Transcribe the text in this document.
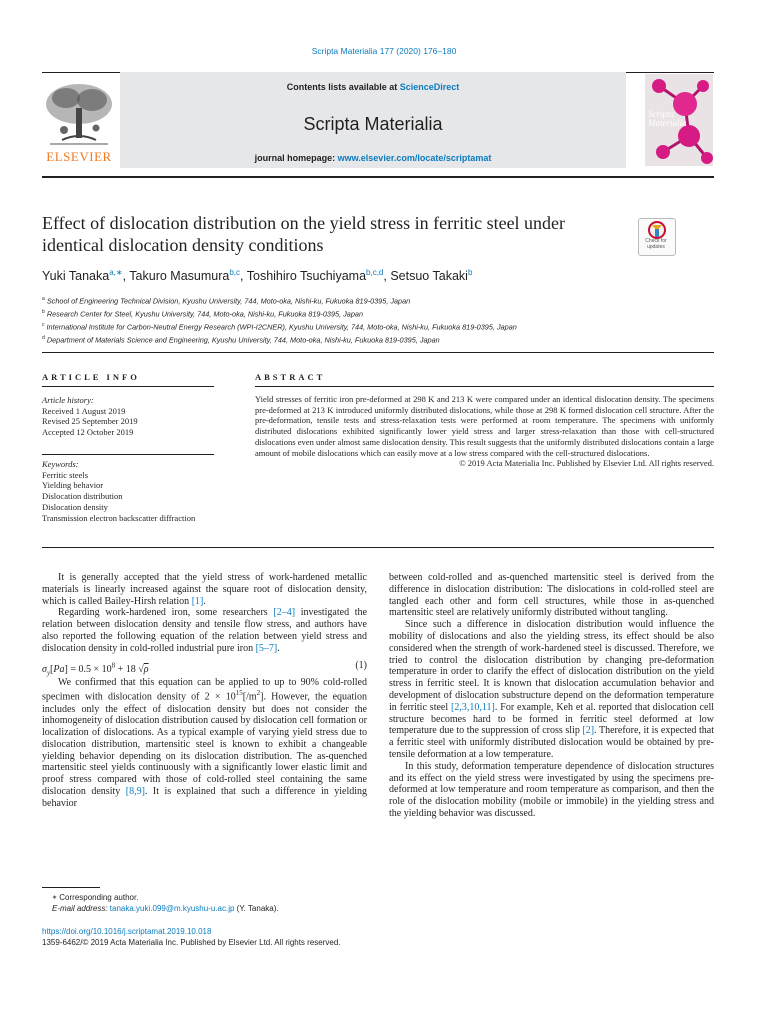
Scripta Materialia 177 (2020) 176–180
ELSEVIER
Contents lists available at ScienceDirect
Scripta Materialia
journal homepage: www.elsevier.com/locate/scriptamat
Scripta
Materialia
Effect of dislocation distribution on the yield stress in ferritic steel under identical dislocation density conditions	Check for updates
Yuki Tanaka$^{a,∗}$, Takuro Masumura$^{b,c}$, Toshihiro Tsuchiyama$^{b,c,d}$, Setsuo Takaki$^b$
$^a$ School of Engineering Technical Division, Kyushu University, 744, Moto-oka, Nishi-ku, Fukuoka 819-0395, Japan
$^b$ Research Center for Steel, Kyushu University, 744, Moto-oka, Nishi-ku, Fukuoka 819-0395, Japan
$^c$ International Institute for Carbon-Neutral Energy Research (WPI-I2CNER), Kyushu University, 744, Moto-oka, Nishi-ku, Fukuoka 819-0395, Japan
$^d$ Department of Materials Science and Engineering, Kyushu University, 744, Moto-oka, Nishi-ku, Fukuoka 819-0395, Japan
ARTICLE INFO
Article history:
Received 1 August 2019
Revised 25 September 2019
Accepted 12 October 2019
Keywords:
Ferritic steels
Yielding behavior
Dislocation distribution
Dislocation density
Transmission electron backscatter diffraction
ABSTRACT
Yield stresses of ferritic iron pre-deformed at 298 K and 213 K were compared under an identical dislocation density. The specimens pre-deformed at 213 K introduced uniformly distributed dislocations, while those at 298 K formed dislocation cell structure. After the pre-deformation, tensile tests and stress-relaxation tests were performed at room temperature. The specimens with uniformly distributed dislocations exhibited significantly lower yield stress and larger stress-relaxation than those with cell-structured dislocations even under almost same dislocation density. This result suggests that the uniformly distributed dislocations contain a large amount of mobile dislocations which can easily move at a low stress compared with the cell-structured dislocations.
© 2019 Acta Materialia Inc. Published by Elsevier Ltd. All rights reserved.

It is generally accepted that the yield stress of work-hardened metallic materials is linearly increased against the square root of dislocation density, which is called Bailey-Hirsh relation [1].

Regarding work-hardened iron, some researchers [2–4] investigated the relation between dislocation density and tensile flow stress, and authors have also reported the following equation of the relation between yield stress and dislocation density in cold-rolled industrial pure iron [5–7].

$\sigma_y[Pa] = 0.5 \times 10^8 + 18$ √ρ	(1)

We confirmed that this equation can be applied to up to 90% cold-rolled specimen with dislocation density of $2 \times 10^{15}[/m^2]$. However, the equation includes only the effect of dislocation density but does not consider the inhomogeneity of dislocation distribution caused by dislocation cell formation or localization of dislocations. As a typical example of varying yield stress due to dislocation distribution, martensitic steel is known to exhibit a changeable yielding behavior depending on its dislocation distribution. The as-quenched martensitic steel yields continuously with a significantly lower elastic limit and proof stress compared with those of cold-rolled steel containing the same dislocation density [8,9]. It is explained that such a difference in yielding behavior

∗ Corresponding author.
E-mail address: tanaka.yuki.099@m.kyushu-u.ac.jp (Y. Tanaka).

between cold-rolled and as-quenched martensitic steel is derived from the difference in dislocation distribution: The dislocations in cold-rolled steel are tangled each other and form cell structures, while those in as-quenched martensitic steel are relatively uniformly distributed without tangling.

Since such a difference in dislocation distribution would influence the mobility of dislocations and also the yielding stress, its effect should be also considered when the strength of work-hardened steel is discussed. Therefore, we tried to control the dislocation distribution by changing pre-deformation temperature in order to clarify the effect of dislocation distribution on the yield stress in ferritic steel. It is known that dislocation accumulation behavior and development of dislocation substructure depend on the deformation temperature in ferritic steel [2,3,10,11]. For example, Keh et al. reported that dislocation cell structure becomes hard to be formed in ferritic steel deformed at low temperature due to the suppression of cross slip [2]. Therefore, it is expected that a ferritic steel with uniformly distributed dislocation would be obtained by pre-tensile deformation at a low temperature.

In this study, deformation temperature dependence of dislocation structures and its effect on the yield stress were investigated by using the specimens pre-deformed at low temperature and room temperature as comparison, and then the role of the dislocation mobility (mobile or immobile) in the yielding stress and the yielding behavior was discussed.

https://doi.org/10.1016/j.scriptamat.2019.10.018
1359-6462/© 2019 Acta Materialia Inc. Published by Elsevier Ltd. All rights reserved.
